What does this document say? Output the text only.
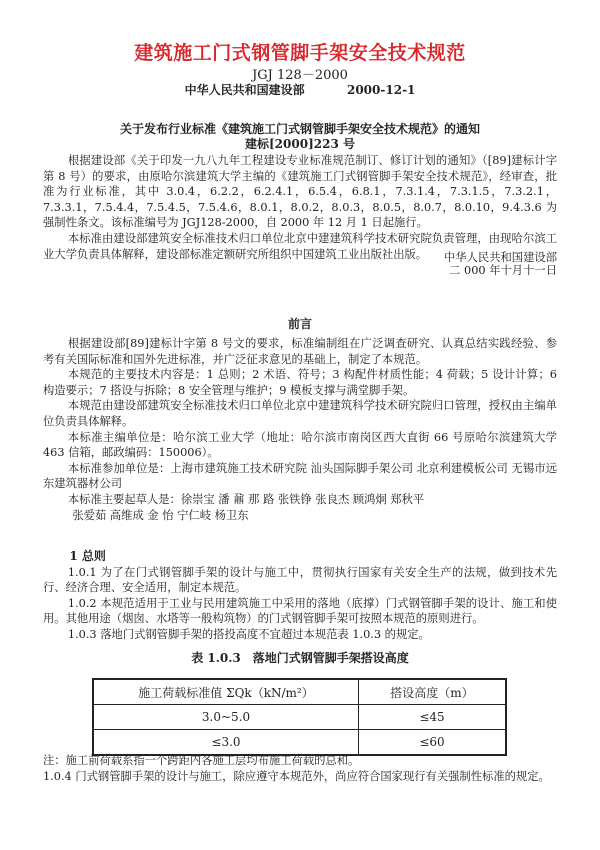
建筑施工门式钢管脚手架安全技术规范
JGJ 128－2000
中华人民共和国建设部	2000-12-1
关于发布行业标准《建筑施工门式钢管脚手架安全技术规范》的通知
建标[2000]223 号

根据建设部《关于印发一九八九年工程建设专业标准规范制订、修订计划的通知》（[89]建标计字第 8 号）的要求，由原哈尔滨建筑大学主编的《建筑施工门式钢管脚手架安全技术规范》，经审查，批准为行业标准，其中 3.0.4，6.2.2，6.2.4.1，6.5.4，6.8.1，7.3.1.4，7.3.1.5，7.3.2.1，7.3.3.1，7.5.4.4，7.5.4.5，7.5.4.6，8.0.1，8.0.2，8.0.3，8.0.5，8.0.7，8.0.10，9.4.3.6 为强制性条文。该标准编号为 JGJ128-2000，自 2000 年 12 月 1 日起施行。

本标准由建设部建筑安全标准技术归口单位北京中建建筑科学技术研究院负责管理，由现哈尔滨工业大学负责具体解释，建设部标准定额研究所组织中国建筑工业出版社出版。	中华人民共和国建设部
二 000 年十月十一日
前言

根据建设部[89]建标计字第 8 号文的要求，标准编制组在广泛调查研究、认真总结实践经验、参考有关国际标准和国外先进标准，并广泛征求意见的基础上，制定了本规范。

本规范的主要技术内容是：1 总则；2 术语、符号；3 构配件材质性能；4 荷载；5 设计计算；6 构造要示；7 搭设与拆除；8 安全管理与维护；9 模板支撑与满堂脚手架。

本规范由建设部建筑安全标准技术归口单位北京中建建筑科学技术研究院归口管理，授权由主编单位负责具体解释。

本标准主编单位是：哈尔滨工业大学（地址：哈尔滨市南岗区西大直街 66 号原哈尔滨建筑大学 463 信箱，邮政编码：150006）。

本标准参加单位是：上海市建筑施工技术研究院 汕头国际脚手架公司 北京利建模板公司 无锡市远东建筑器材公司

本标准主要起草人是：徐崇宝 潘 鼐 那 路 张铁铮 张良杰 顾鸿炯 郑秋平

张爱茹 高维成 金 怡 宁仁岐 杨卫东

1 总则

1.0.1 为了在门式钢管脚手架的设计与施工中，贯彻执行国家有关安全生产的法规，做到技术先行、经济合理、安全适用，制定本规范。

1.0.2 本规范适用于工业与民用建筑施工中采用的落地（底撑）门式钢管脚手架的设计、施工和使用。其他用途（烟囱、水塔等一般构筑物）的门式钢管脚手架可按照本规范的原则进行。

1.0.3 落地门式钢管脚手架的搭投高度不宜超过本规范表 1.0.3 的规定。

表 1.0.3　落地门式钢管脚手架搭设高度
施工荷载标准值 ΣQk（kN/m²）	搭设高度（m）
3.0~5.0	≤45
≤3.0	≤60
注：施工前荷载系指一个跨距内各施工层均布施工荷载的总和。
1.0.4 门式钢管脚手架的设计与施工，除应遵守本规范外，尚应符合国家现行有关强制性标准的规定。
